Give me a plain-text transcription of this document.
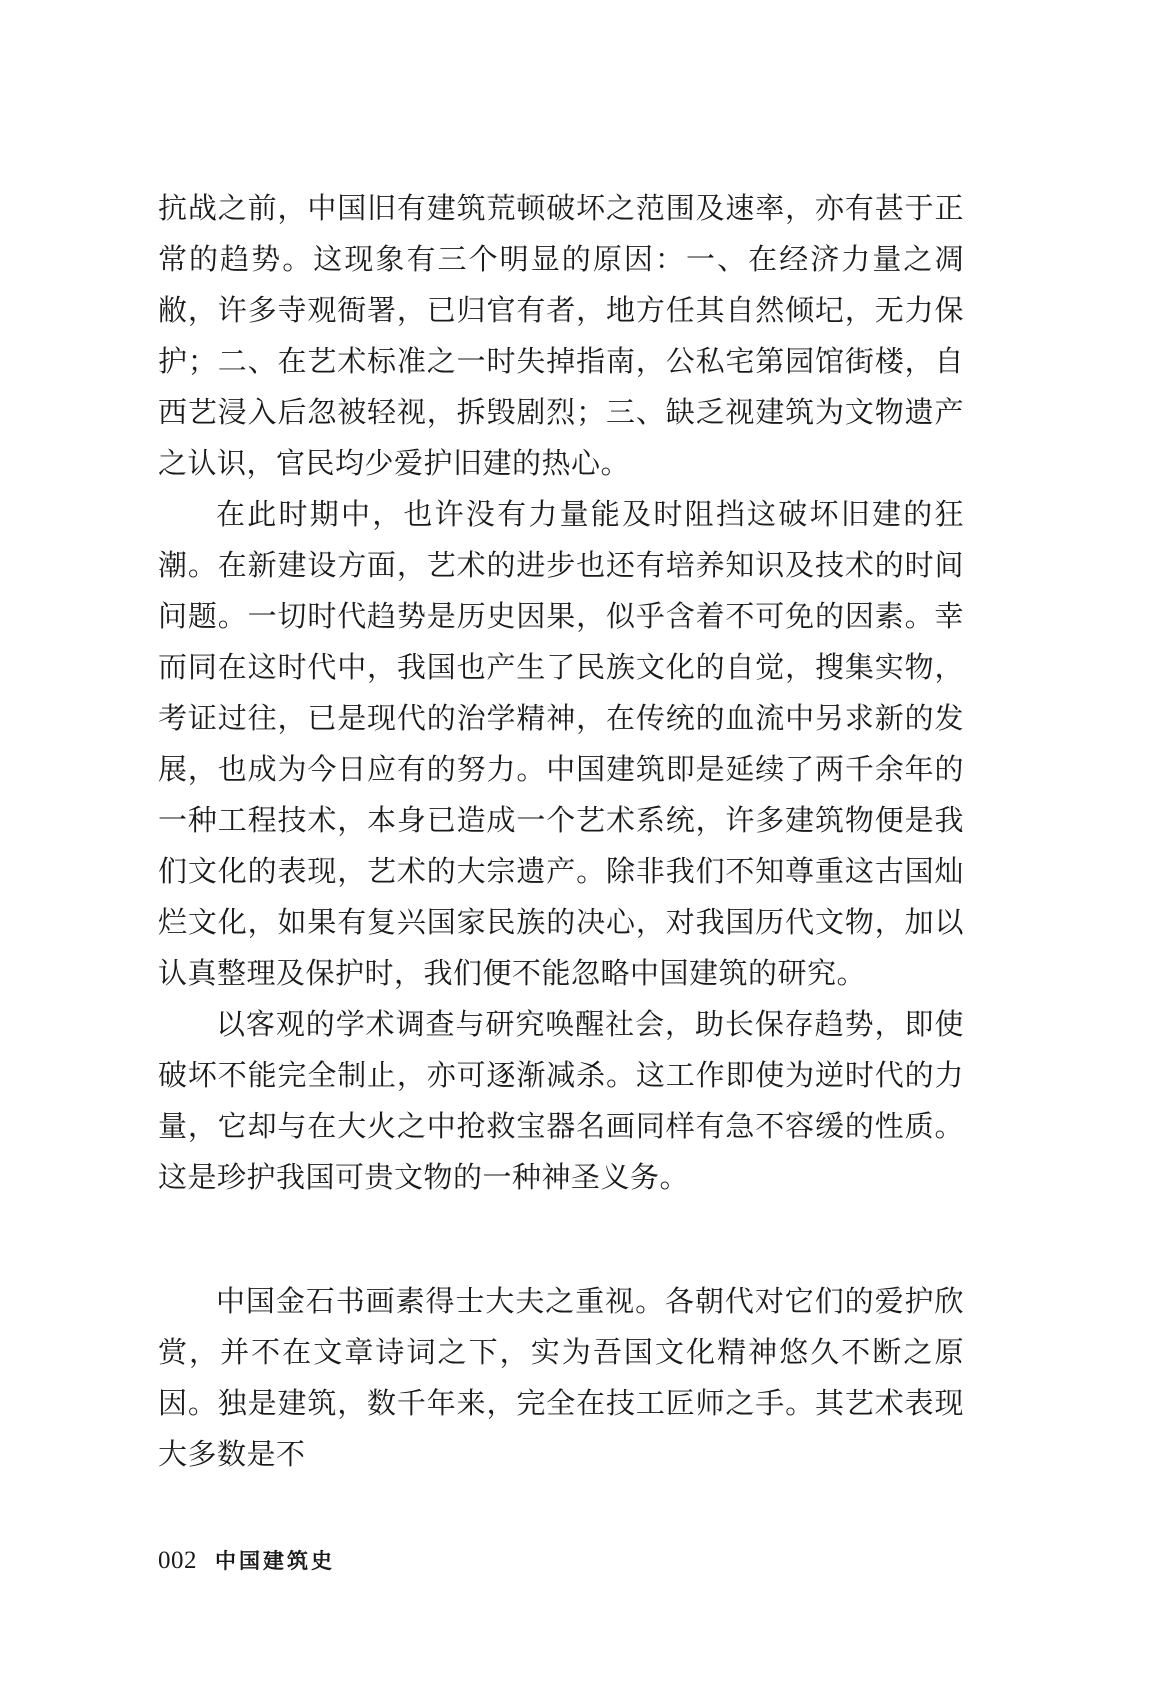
抗战之前，中国旧有建筑荒顿破坏之范围及速率，亦有甚于正常的趋势。这现象有三个明显的原因：一、在经济力量之凋敝，许多寺观衙署，已归官有者，地方任其自然倾圮，无力保护；二、在艺术标准之一时失掉指南，公私宅第园馆街楼，自西艺浸入后忽被轻视，拆毁剧烈；三、缺乏视建筑为文物遗产之认识，官民均少爱护旧建的热心。

在此时期中，也许没有力量能及时阻挡这破坏旧建的狂潮。在新建设方面，艺术的进步也还有培养知识及技术的时间问题。一切时代趋势是历史因果，似乎含着不可免的因素。幸而同在这时代中，我国也产生了民族文化的自觉，搜集实物，考证过往，已是现代的治学精神，在传统的血流中另求新的发展，也成为今日应有的努力。中国建筑即是延续了两千余年的一种工程技术，本身已造成一个艺术系统，许多建筑物便是我们文化的表现，艺术的大宗遗产。除非我们不知尊重这古国灿烂文化，如果有复兴国家民族的决心，对我国历代文物，加以认真整理及保护时，我们便不能忽略中国建筑的研究。

以客观的学术调查与研究唤醒社会，助长保存趋势，即使破坏不能完全制止，亦可逐渐减杀。这工作即使为逆时代的力量，它却与在大火之中抢救宝器名画同样有急不容缓的性质。这是珍护我国可贵文物的一种神圣义务。

中国金石书画素得士大夫之重视。各朝代对它们的爱护欣赏，并不在文章诗词之下，实为吾国文化精神悠久不断之原因。独是建筑，数千年来，完全在技工匠师之手。其艺术表现大多数是不

002 中国建筑史
